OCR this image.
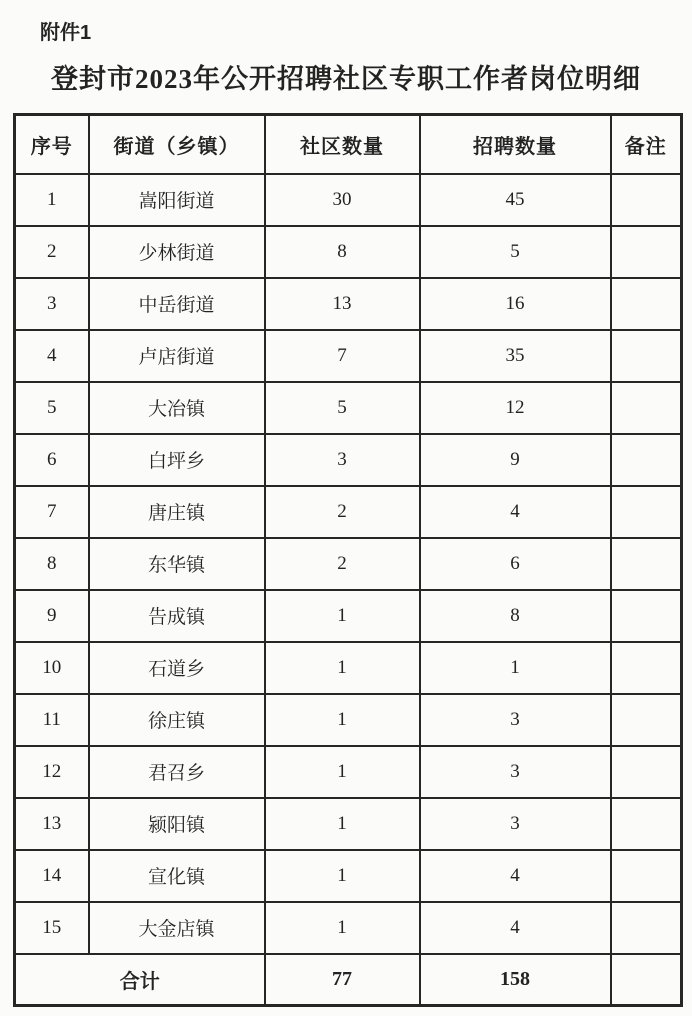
附件1
登封市2023年公开招聘社区专职工作者岗位明细
序号	街道（乡镇）	社区数量	招聘数量	备注
1	嵩阳街道	30	45	
2	少林街道	8	5	
3	中岳街道	13	16	
4	卢店街道	7	35	
5	大冶镇	5	12	
6	白坪乡	3	9	
7	唐庄镇	2	4	
8	东华镇	2	6	
9	告成镇	1	8	
10	石道乡	1	1	
11	徐庄镇	1	3	
12	君召乡	1	3	
13	颍阳镇	1	3	
14	宣化镇	1	4	
15	大金店镇	1	4	
合计		77	158	
